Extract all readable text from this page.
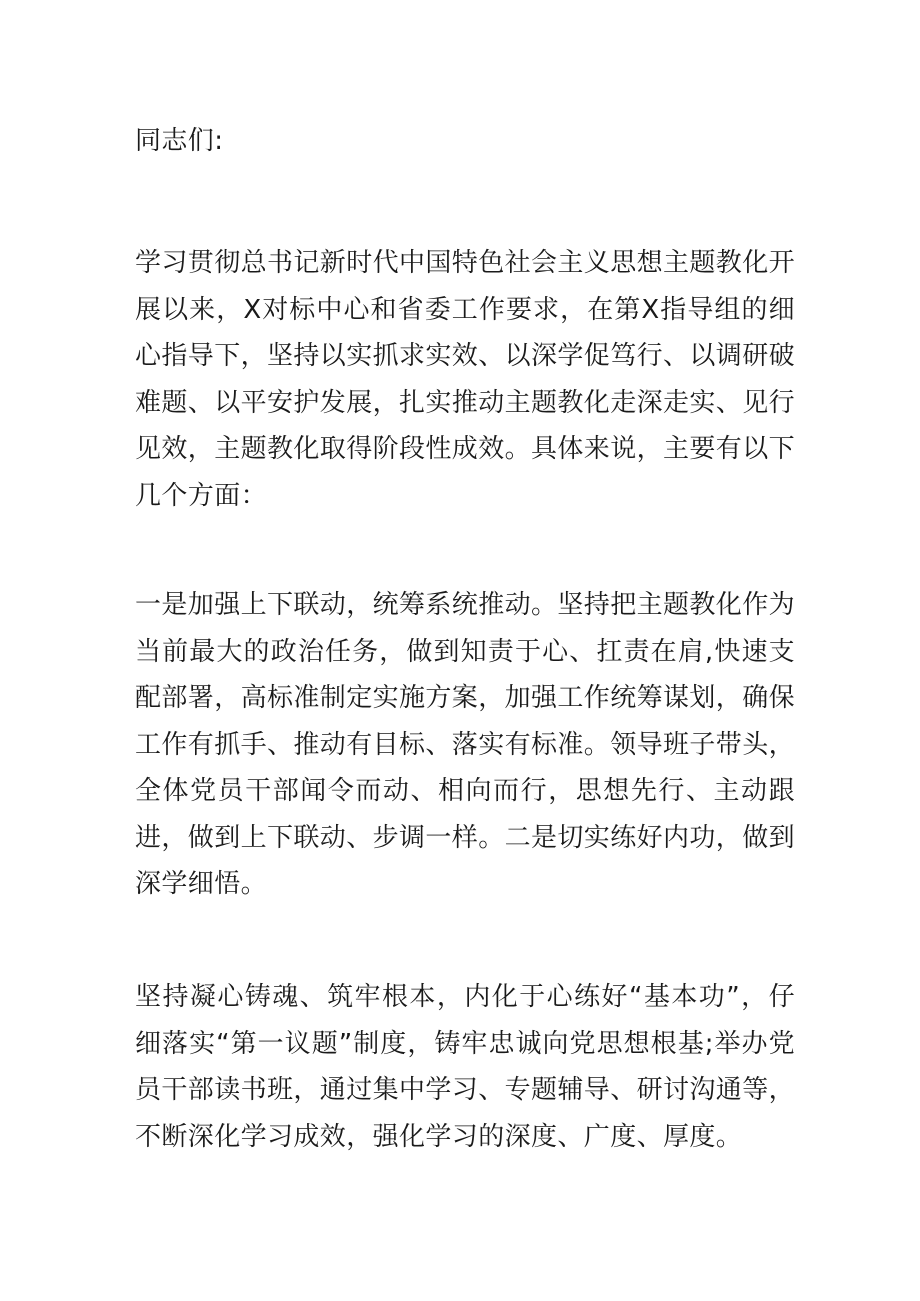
同志们:

学习贯彻总书记新时代中国特色社会主义思想主题教化开展以来，X对标中心和省委工作要求，在第X指导组的细心指导下，坚持以实抓求实效、以深学促笃行、以调研破难题、以平安护发展，扎实推动主题教化走深走实、见行见效，主题教化取得阶段性成效。具体来说，主要有以下几个方面：

一是加强上下联动，统筹系统推动。坚持把主题教化作为当前最大的政治任务，做到知责于心、扛责在肩,快速支配部署，高标准制定实施方案，加强工作统筹谋划，确保工作有抓手、推动有目标、落实有标准。领导班子带头，全体党员干部闻令而动、相向而行，思想先行、主动跟进，做到上下联动、步调一样。二是切实练好内功，做到深学细悟。

坚持凝心铸魂、筑牢根本，内化于心练好“基本功”，仔细落实“第一议题”制度，铸牢忠诚向党思想根基;举办党员干部读书班，通过集中学习、专题辅导、研讨沟通等，不断深化学习成效，强化学习的深度、广度、厚度。
